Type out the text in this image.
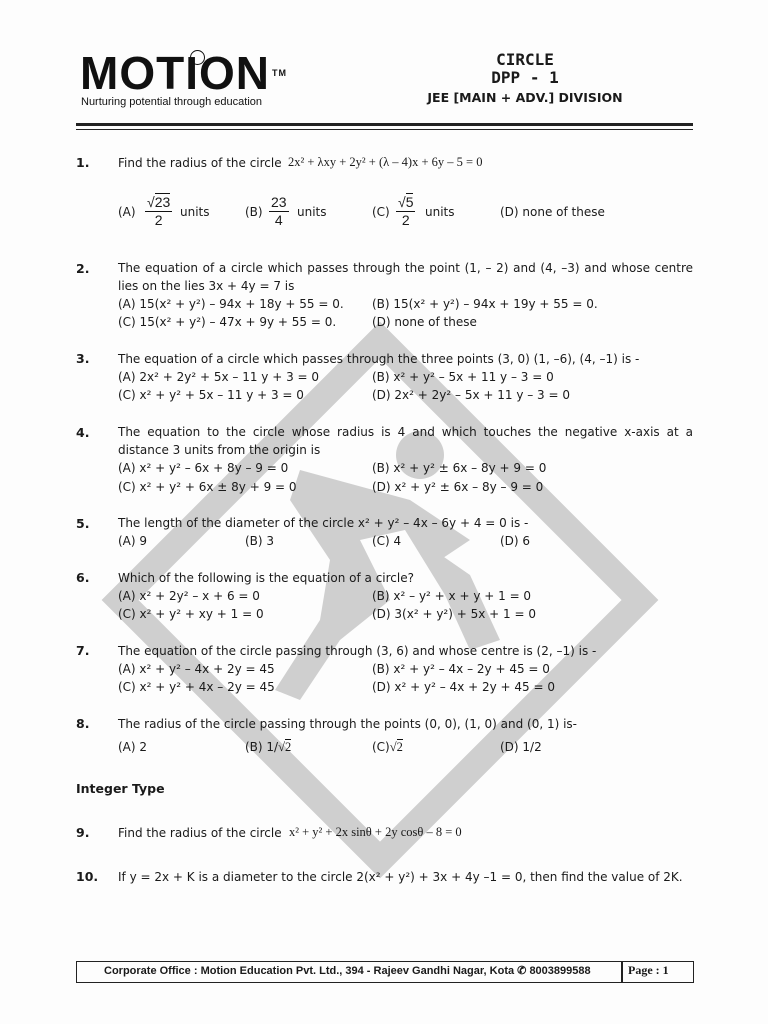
MOTION ™
Nurturing potential through education
CIRCLE
DPP - 1
JEE [MAIN + ADV.] DIVISION
1. Find the radius of the circle 2x² + λxy + 2y² + (λ – 4)x + 6y – 5 = 0
$(A) \frac{√23}{2}$ units	$(B) \frac{23}{4}$ units	$(C) \frac{√5}{2}$ units	(D) none of these
2. The equation of a circle which passes through the point (1, – 2) and (4, –3) and whose centre lies on the lies 3x + 4y = 7 is
(A) 15(x² + y²) – 94x + 18y + 55 = 0. (B) 15(x² + y²) – 94x + 19y + 55 = 0.
(C) 15(x² + y²) – 47x + 9y + 55 = 0.	(D) none of these
3. The equation of a circle which passes through the three points (3, 0) (1, –6), (4, –1) is -
(A) 2x² + 2y² + 5x – 11 y + 3 = 0	(B) x² + y² – 5x + 11 y – 3 = 0
(C) x² + y² + 5x – 11 y + 3 = 0	(D) 2x² + 2y² – 5x + 11 y – 3 = 0
4. The equation to the circle whose radius is 4 and which touches the negative x-axis at a distance 3 units from the origin is
(A) x² + y² – 6x + 8y – 9 = 0	(B) x² + y² ± 6x – 8y + 9 = 0
(C) x² + y² + 6x ± 8y + 9 = 0	(D) x² + y² ± 6x – 8y – 9 = 0
5. The length of the diameter of the circle x² + y² – 4x – 6y + 4 = 0 is -
(A) 9	(B) 3	(C) 4	(D) 6
6. Which of the following is the equation of a circle?
(A) x² + 2y² – x + 6 = 0	(B) x² – y² + x + y + 1 = 0
(C) x² + y² + xy + 1 = 0	(D) 3(x² + y²) + 5x + 1 = 0
7. The equation of the circle passing through (3, 6) and whose centre is (2, –1) is -
(A) x² + y² – 4x + 2y = 45	(B) x² + y² – 4x – 2y + 45 = 0
(C) x² + y² + 4x – 2y = 45	(D) x² + y² – 4x + 2y + 45 = 0
8. The radius of the circle passing through the points (0, 0), (1, 0) and (0, 1) is-
(A) 2	(B) 1/√2	(C)√2	(D) 1/2
Integer Type
9. Find the radius of the circle x² + y² + 2x sinθ + 2y cosθ – 8 = 0
10. If y = 2x + K is a diameter to the circle 2(x² + y²) + 3x + 4y –1 = 0, then find the value of 2K.
Corporate Office : Motion Education Pvt. Ltd., 394 - Rajeev Gandhi Nagar, Kota ✆ 8003899588	Page : 1
